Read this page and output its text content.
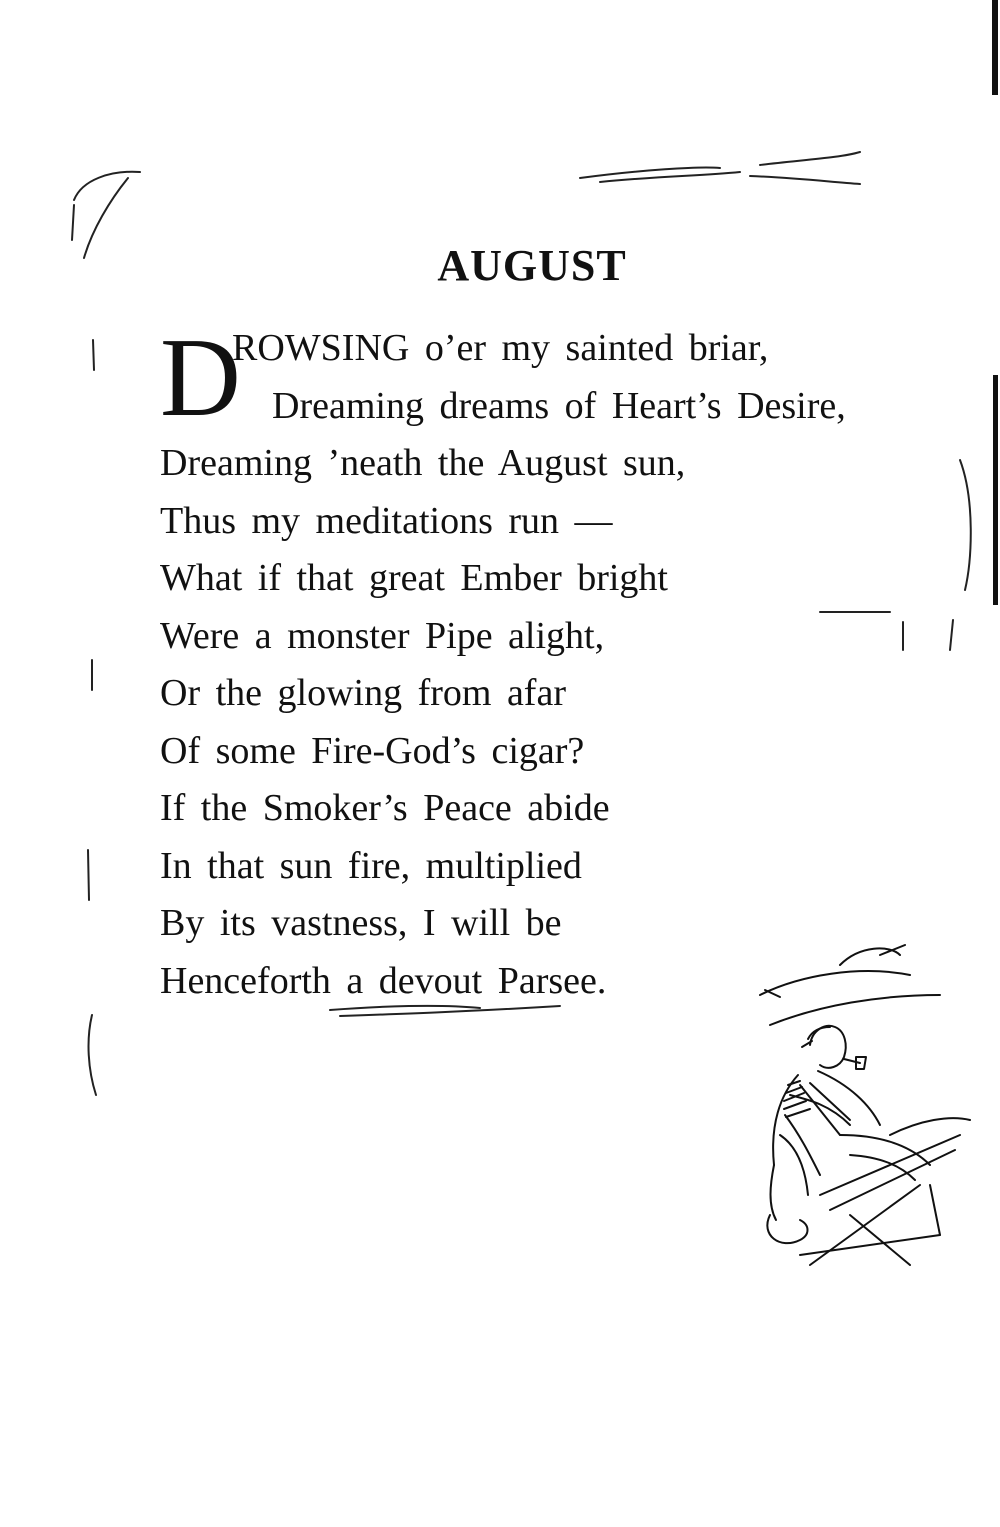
AUGUST
D
ROWSING o’er my sainted briar,
Dreaming dreams of Heart’s Desire,
Dreaming ’neath the August sun,
Thus my meditations run —
What if that great Ember bright
Were a monster Pipe alight,
Or the glowing from afar
Of some Fire-God’s cigar?
If the Smoker’s Peace abide
In that sun fire, multiplied
By its vastness, I will be
Henceforth a devout Parsee.
